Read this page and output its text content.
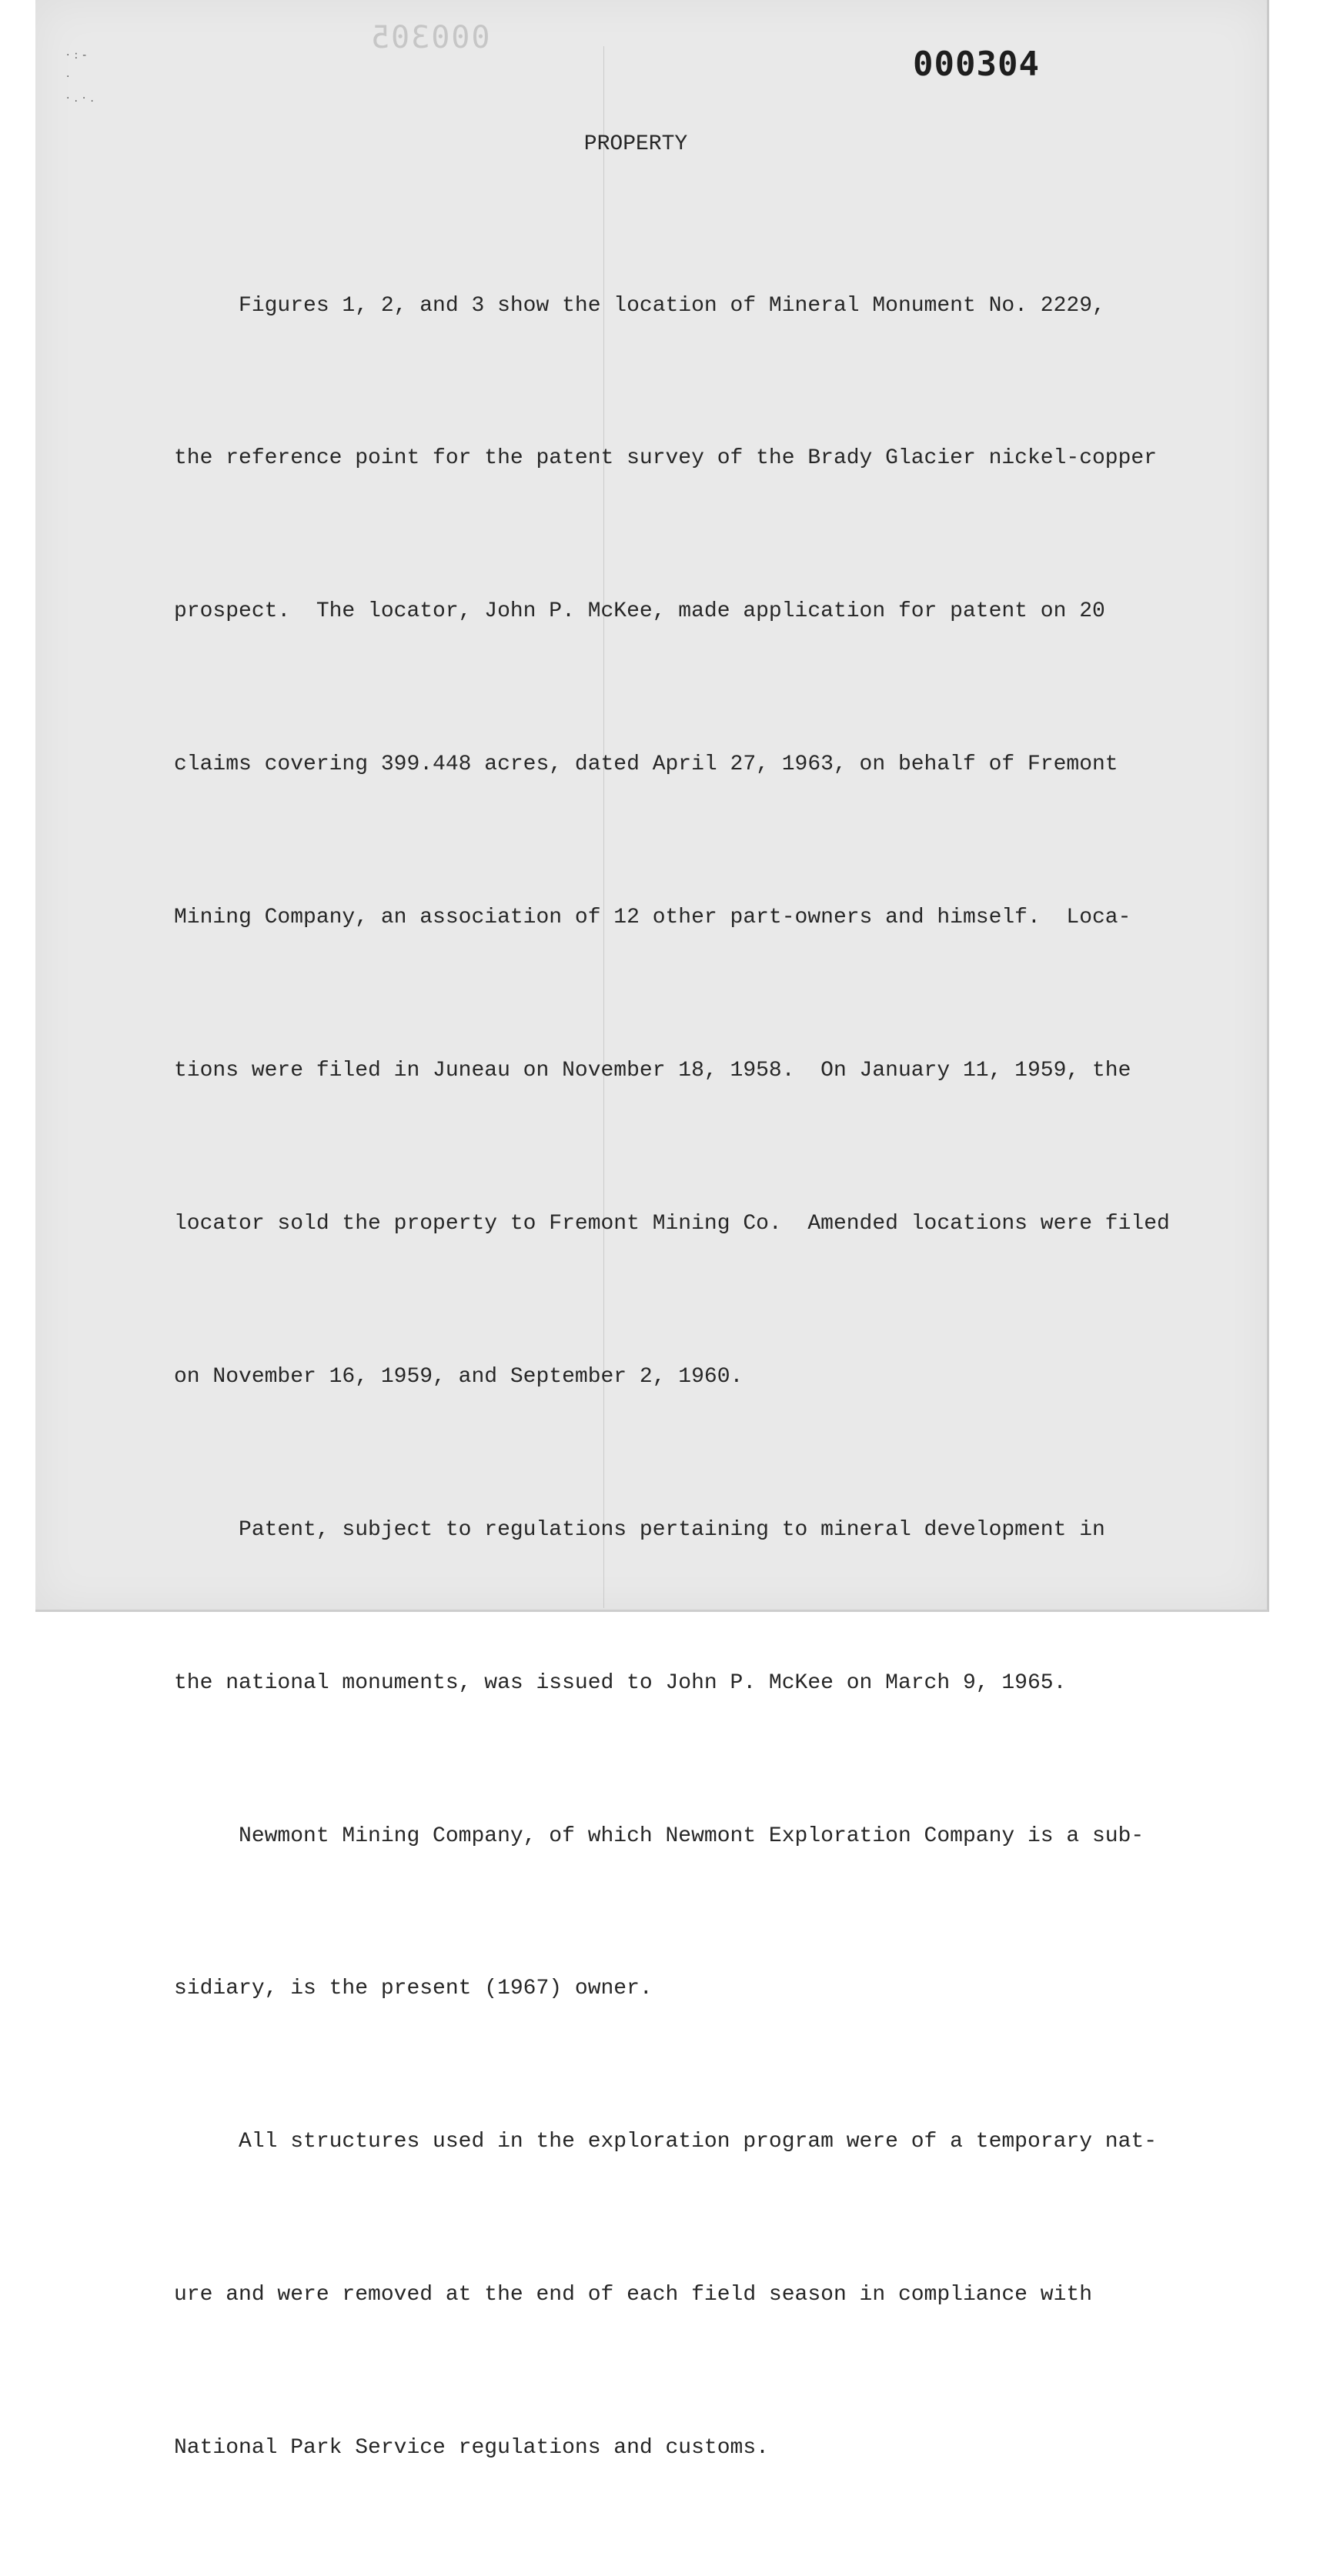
·:-
·
·.·.
000305
000304
PROPERTY

Figures 1, 2, and 3 show the location of Mineral Monument No. 2229,

the reference point for the patent survey of the Brady Glacier nickel-copper

prospect.  The locator, John P. McKee, made application for patent on 20

claims covering 399.448 acres, dated April 27, 1963, on behalf of Fremont

Mining Company, an association of 12 other part-owners and himself.  Loca-

tions were filed in Juneau on November 18, 1958.  On January 11, 1959, the

locator sold the property to Fremont Mining Co.  Amended locations were filed

on November 16, 1959, and September 2, 1960.

Patent, subject to regulations pertaining to mineral development in

the national monuments, was issued to John P. McKee on March 9, 1965.

Newmont Mining Company, of which Newmont Exploration Company is a sub-

sidiary, is the present (1967) owner.

All structures used in the exploration program were of a temporary nat-

ure and were removed at the end of each field season in compliance with

National Park Service regulations and customs.
